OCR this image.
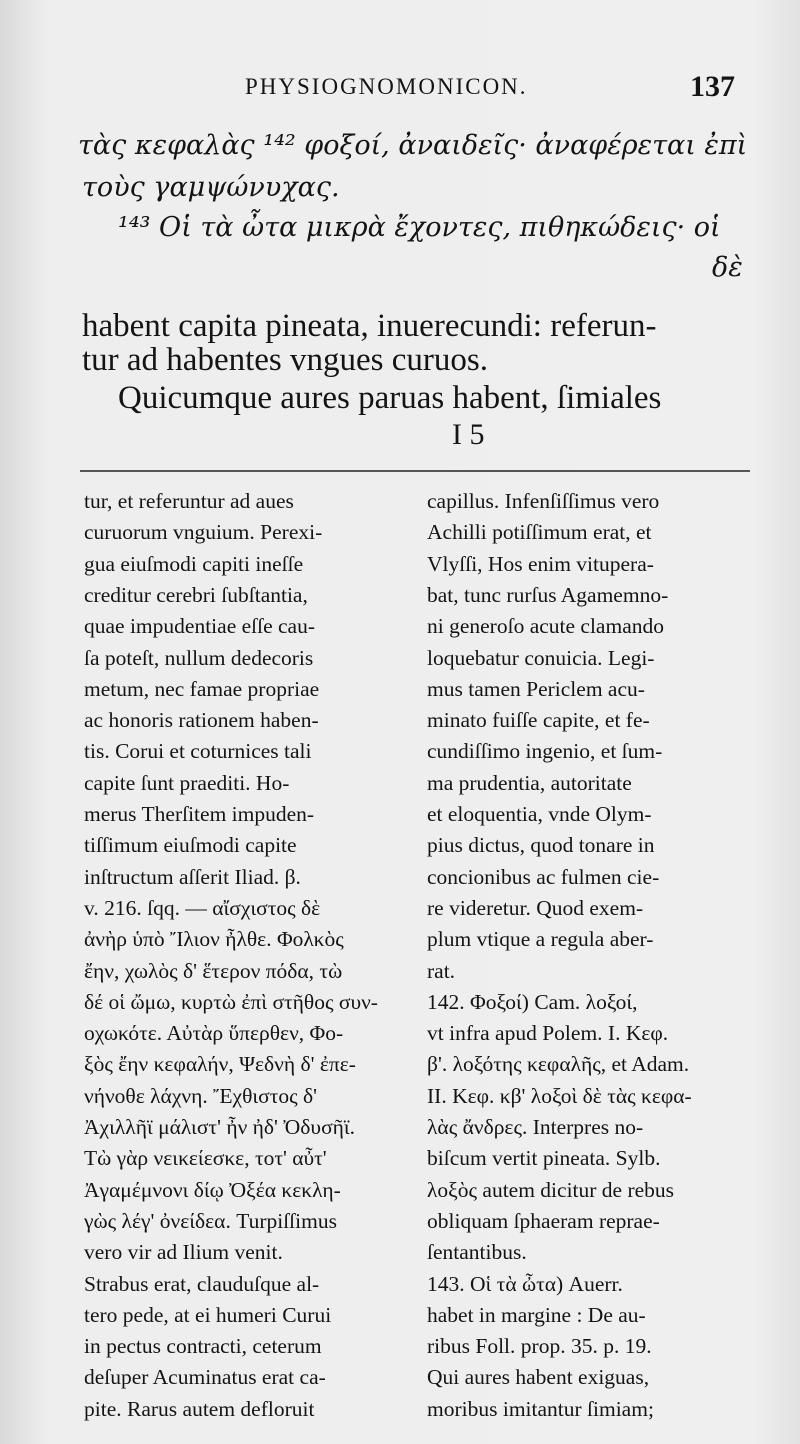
PHYSIOGNOMONICON.	137
τὰς κεφαλὰς ¹⁴² φοξοί, ἀναιδεῖς· ἀναφέρεται ἐπὶ
τοὺς γαμψώνυχας.
¹⁴³ Οἱ τὰ ὦτα μικρὰ ἔχοντες, πιθηκώδεις· οἱ
δὲ
habent capita pineata, inuerecundi: referun-
tur ad habentes vngues curuos.
Quicumque aures paruas habent, ſimiales
I 5
tur, et referuntur ad aues
curuorum vnguium. Perexi-
gua eiuſmodi capiti ineſſe
creditur cerebri ſubſtantia,
quae impudentiae eſſe cau-
ſa poteſt, nullum dedecoris
metum, nec famae propriae
ac honoris rationem haben-
tis. Corui et coturnices tali
capite ſunt praediti. Ho-
merus Therſitem impuden-
tiſſimum eiuſmodi capite
inſtructum aſſerit Iliad. β.
v. 216. ſqq. — αἴσχιστος δὲ
ἀνὴρ ὑπὸ Ἴλιον ἦλθε. Φολκὸς
ἔην, χωλὸς δ' ἕτερον πόδα, τὼ
δέ οἱ ὤμω, κυρτὼ ἐπὶ στῆθος συν-
οχωκότε. Αὐτὰρ ὕπερθεν, Φο-
ξὸς ἔην κεφαλήν, Ψεδνὴ δ' ἐπε-
νήνοθε λάχνη. Ἔχθιστος δ'
Ἀχιλλῆϊ μάλιστ' ἦν ἠδ' Ὀδυσῆϊ.
Τὼ γὰρ νεικείεσκε, τοτ' αὖτ'
Ἀγαμέμνονι δίῳ Ὀξέα κεκλη-
γὼς λέγ' ὀνείδεα. Turpiſſimus
vero vir ad Ilium venit.
Strabus erat, clauduſque al-
tero pede, at ei humeri Curui
in pectus contracti, ceterum
deſuper Acuminatus erat ca-
pite. Rarus autem defloruit
capillus. Infenſiſſimus vero
Achilli potiſſimum erat, et
Vlyſſi, Hos enim vitupera-
bat, tunc rurſus Agamemno-
ni generoſo acute clamando
loquebatur conuicia. Legi-
mus tamen Periclem acu-
minato fuiſſe capite, et fe-
cundiſſimo ingenio, et ſum-
ma prudentia, autoritate
et eloquentia, vnde Olym-
pius dictus, quod tonare in
concionibus ac fulmen cie-
re videretur. Quod exem-
plum vtique a regula aber-
rat.
142. Φοξοί) Cam. λοξοί,
vt infra apud Polem. I. Κεφ.
β'. λοξότης κεφαλῆς, et Adam.
II. Κεφ. κβ' λοξοὶ δὲ τὰς κεφα-
λὰς ἄνδρες. Interpres no-
biſcum vertit pineata. Sylb.
λοξὸς autem dicitur de rebus
obliquam ſphaeram reprae-
ſentantibus.
143. Οἱ τὰ ὦτα) Auerr.
habet in margine : De au-
ribus Foll. prop. 35. p. 19.
Qui aures habent exiguas,
moribus imitantur ſimiam;
